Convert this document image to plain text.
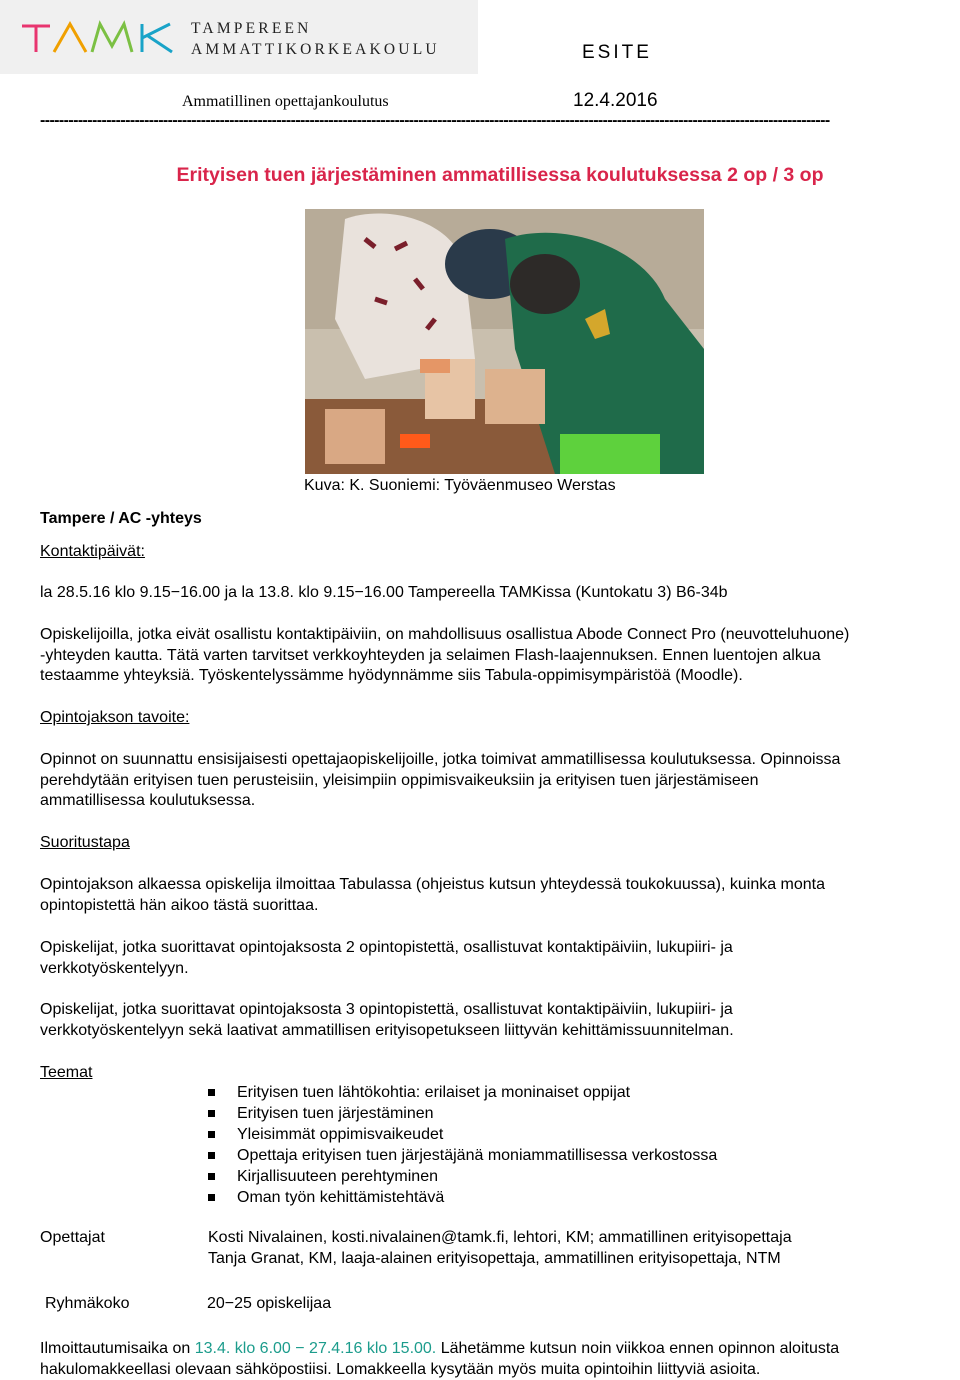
TAMPEREEN
AMMATTIKORKEAKOULU	ESITE
Ammatillinen opettajankoulutus	12.4.2016
-----------------------------------------------------------------------------------------------------------------------------------------------------------------------
Erityisen tuen järjestäminen ammatillisessa koulutuksessa 2 op / 3 op
Kuva: K. Suoniemi: Työväenmuseo Werstas
Tampere / AC -yhteys
Kontaktipäivät:
la 28.5.16 klo 9.15−16.00 ja la 13.8. klo 9.15−16.00 Tampereella TAMKissa (Kuntokatu 3) B6-34b
Opiskelijoilla, jotka eivät osallistu kontaktipäiviin, on mahdollisuus osallistua Abode Connect Pro (neuvotteluhuone)
-yhteyden kautta. Tätä varten tarvitset verkkoyhteyden ja selaimen Flash-laajennuksen. Ennen luentojen alkua
testaamme yhteyksiä. Työskentelyssämme hyödynnämme siis Tabula-oppimisympäristöä (Moodle).
Opintojakson tavoite:
Opinnot on suunnattu ensisijaisesti opettajaopiskelijoille, jotka toimivat ammatillisessa koulutuksessa. Opinnoissa
perehdytään erityisen tuen perusteisiin, yleisimpiin oppimisvaikeuksiin ja erityisen tuen järjestämiseen
ammatillisessa koulutuksessa.
Suoritustapa
Opintojakson alkaessa opiskelija ilmoittaa Tabulassa (ohjeistus kutsun yhteydessä toukokuussa), kuinka monta
opintopistettä hän aikoo tästä suorittaa.
Opiskelijat, jotka suorittavat opintojaksosta 2 opintopistettä, osallistuvat kontaktipäiviin, lukupiiri- ja
verkkotyöskentelyyn.
Opiskelijat, jotka suorittavat opintojaksosta 3 opintopistettä, osallistuvat kontaktipäiviin, lukupiiri- ja
verkkotyöskentelyyn sekä laativat ammatillisen erityisopetukseen liittyvän kehittämissuunnitelman.
Teemat
Erityisen tuen lähtökohtia: erilaiset ja moninaiset oppijat
Erityisen tuen järjestäminen
Yleisimmät oppimisvaikeudet
Opettaja erityisen tuen järjestäjänä moniammatillisessa verkostossa
Kirjallisuuteen perehtyminen
Oman työn kehittämistehtävä
Opettajat	Kosti Nivalainen, kosti.nivalainen@tamk.fi, lehtori, KM; ammatillinen erityisopettaja
Tanja Granat, KM, laaja-alainen erityisopettaja, ammatillinen erityisopettaja, NTM
Ryhmäkoko	20−25 opiskelijaa
Ilmoittautumisaika on 13.4. klo 6.00 − 27.4.16 klo 15.00. Lähetämme kutsun noin viikkoa ennen opinnon aloitusta
hakulomakkeellasi olevaan sähköpostiisi. Lomakkeella kysytään myös muita opintoihin liittyviä asioita.
